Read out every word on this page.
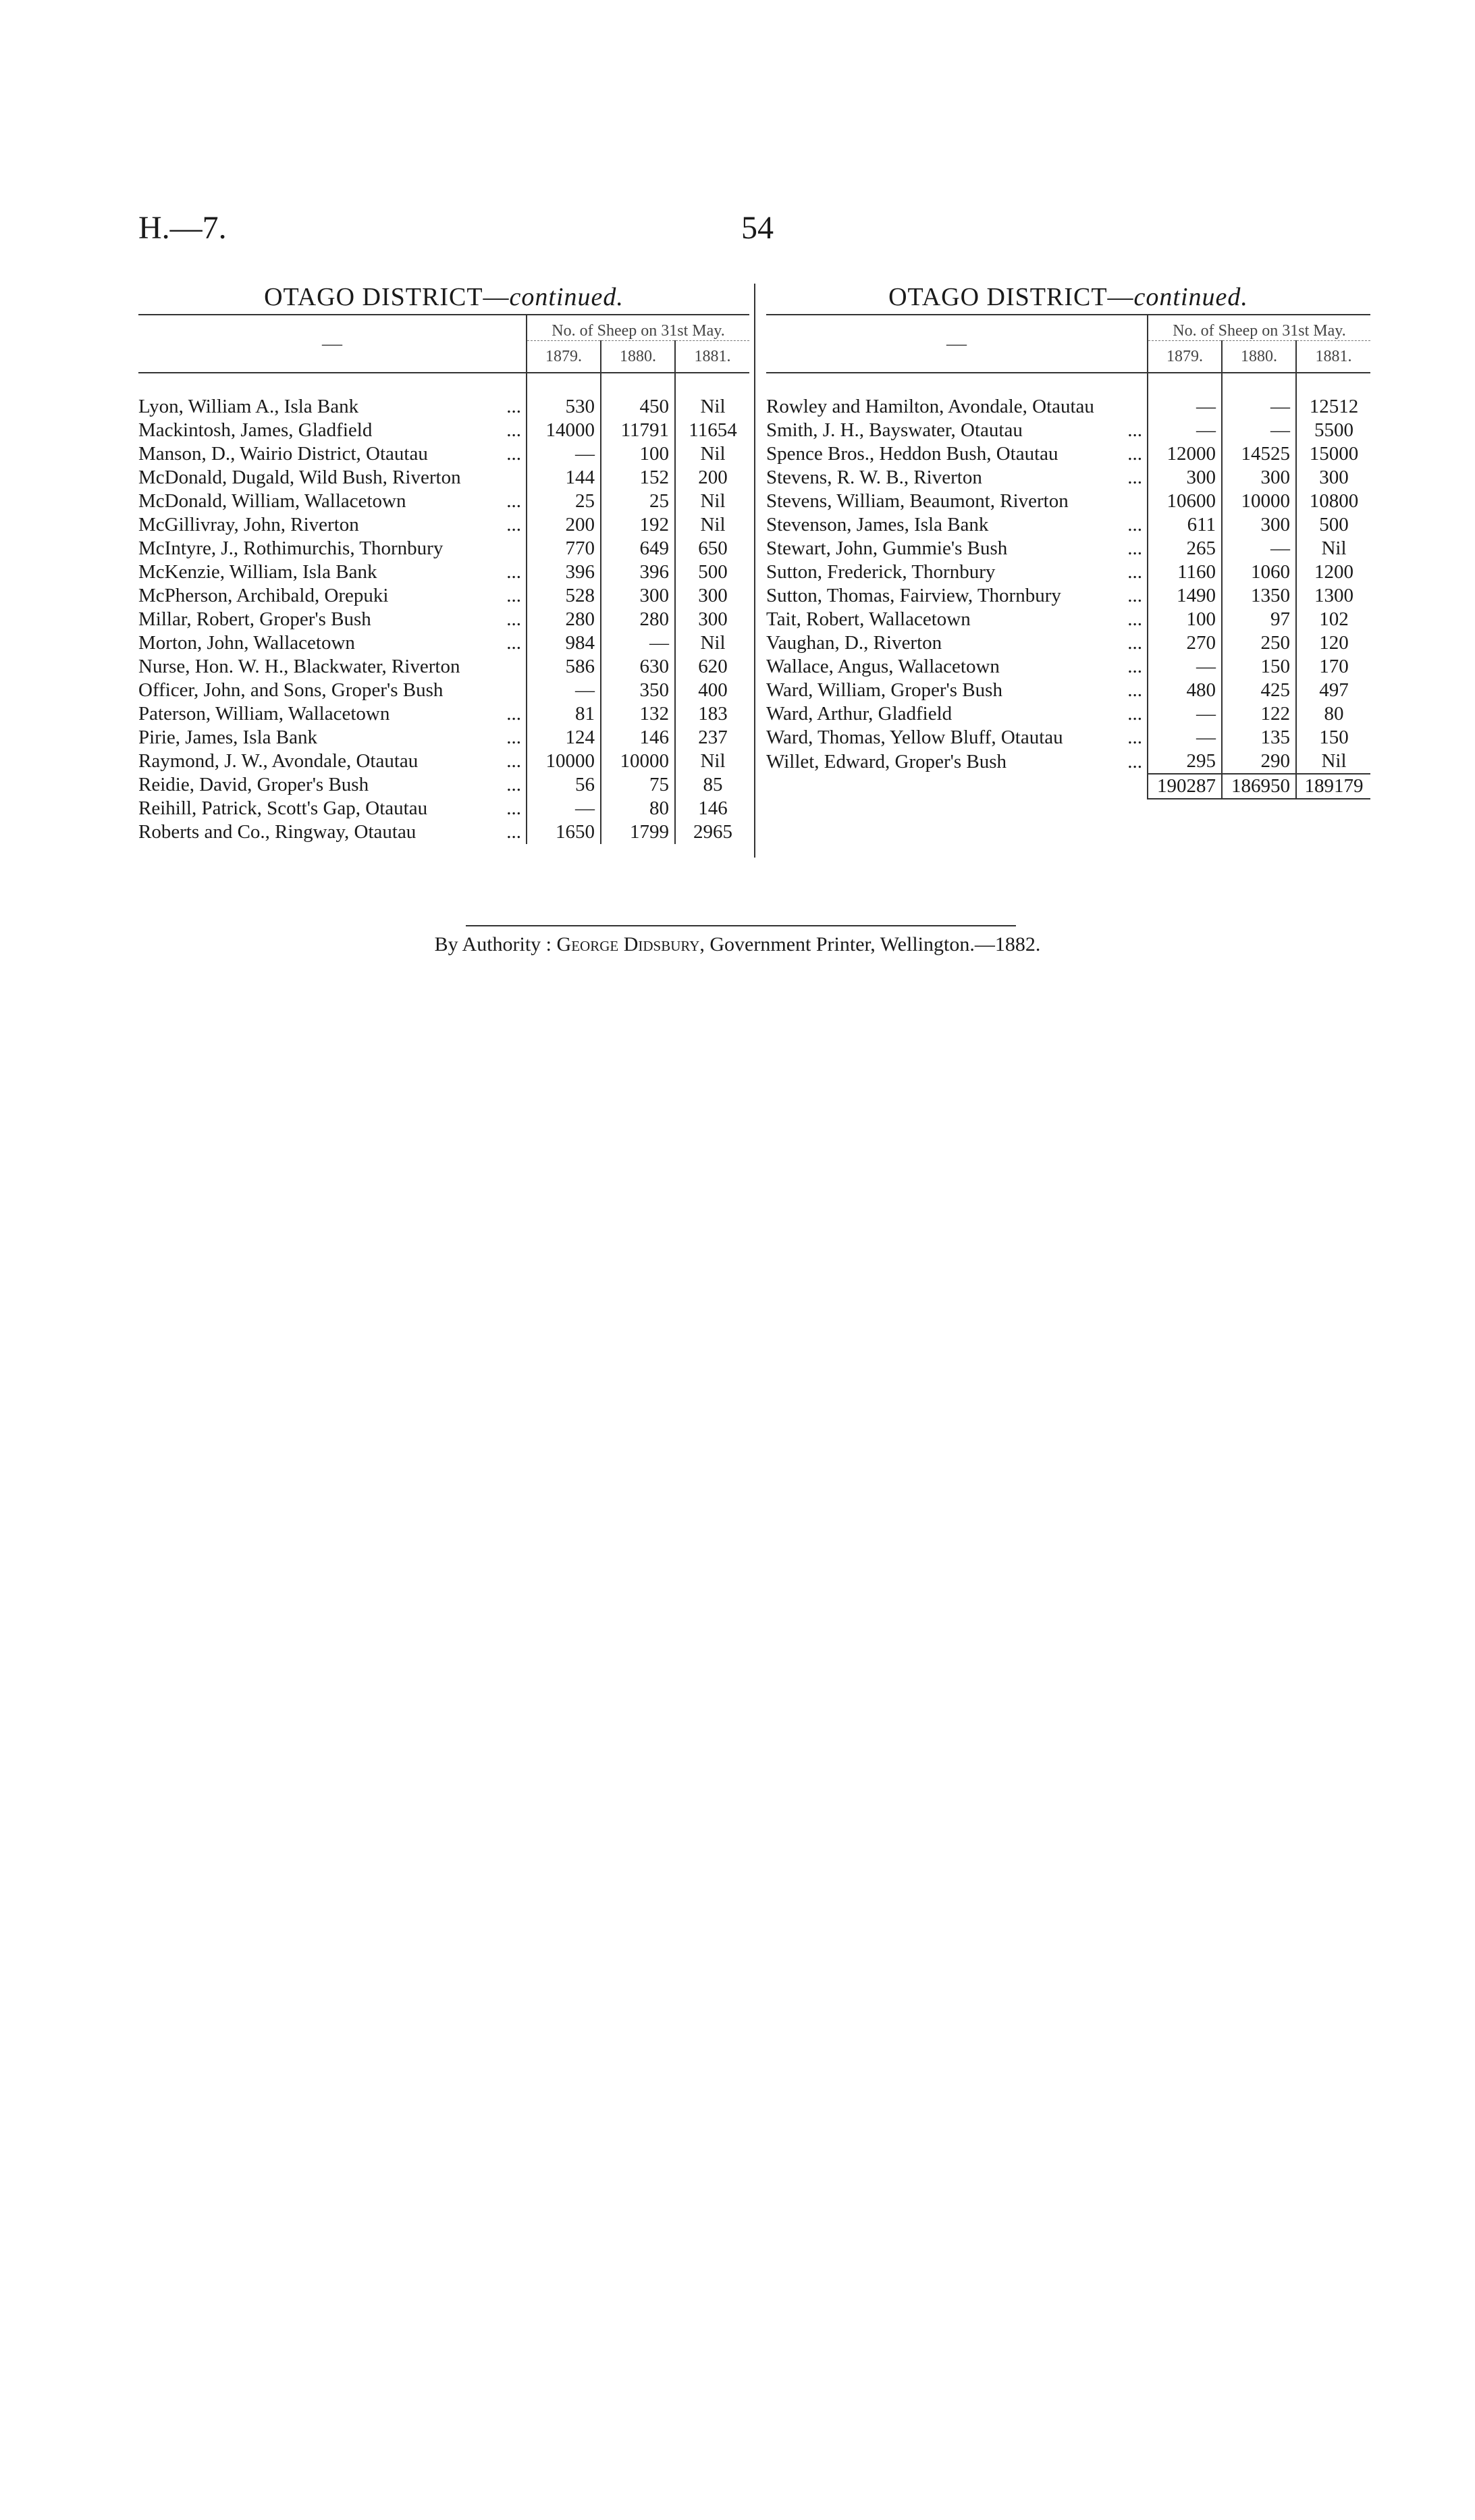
H.—7.	54
OTAGO DISTRICT—continued.
—	No. of Sheep on 31st May.		
	1879.	1880.	1881.

...
Lyon, William A., Isla Bank	530	450	Nil

...
Mackintosh, James, Gladfield	14000	11791	11654

...
Manson, D., Wairio District, Otautau	—	100	Nil

McDonald, Dugald, Wild Bush, Riverton	144	152	200

...
McDonald, William, Wallacetown	25	25	Nil

...
McGillivray, John, Riverton	200	192	Nil

McIntyre, J., Rothimurchis, Thornbury	770	649	650

...
McKenzie, William, Isla Bank	396	396	500

...
McPherson, Archibald, Orepuki	528	300	300

...
Millar, Robert, Groper's Bush	280	280	300

...
Morton, John, Wallacetown	984	—	Nil

Nurse, Hon. W. H., Blackwater, Riverton	586	630	620

Officer, John, and Sons, Groper's Bush	—	350	400

...
Paterson, William, Wallacetown	81	132	183

...
Pirie, James, Isla Bank	124	146	237

...
Raymond, J. W., Avondale, Otautau	10000	10000	Nil

...
Reidie, David, Groper's Bush	56	75	85

...
Reihill, Patrick, Scott's Gap, Otautau	—	80	146

...
Roberts and Co., Ringway, Otautau	1650	1799	2965
OTAGO DISTRICT—continued.
—	No. of Sheep on 31st May.		
	1879.	1880.	1881.

Rowley and Hamilton, Avondale, Otautau	—	—	12512

...
Smith, J. H., Bayswater, Otautau	—	—	5500

...
Spence Bros., Heddon Bush, Otautau	12000	14525	15000

...
Stevens, R. W. B., Riverton	300	300	300

Stevens, William, Beaumont, Riverton	10600	10000	10800

...
Stevenson, James, Isla Bank	611	300	500

...
Stewart, John, Gummie's Bush	265	—	Nil

...
Sutton, Frederick, Thornbury	1160	1060	1200

...
Sutton, Thomas, Fairview, Thornbury	1490	1350	1300

...
Tait, Robert, Wallacetown	100	97	102

...
Vaughan, D., Riverton	270	250	120

...
Wallace, Angus, Wallacetown	—	150	170

...
Ward, William, Groper's Bush	480	425	497

...
Ward, Arthur, Gladfield	—	122	80

...
Ward, Thomas, Yellow Bluff, Otautau	—	135	150

...
Willet, Edward, Groper's Bush	295	290	Nil
	190287	186950	189179
By Authority : George Didsbury, Government Printer, Wellington.—1882.
